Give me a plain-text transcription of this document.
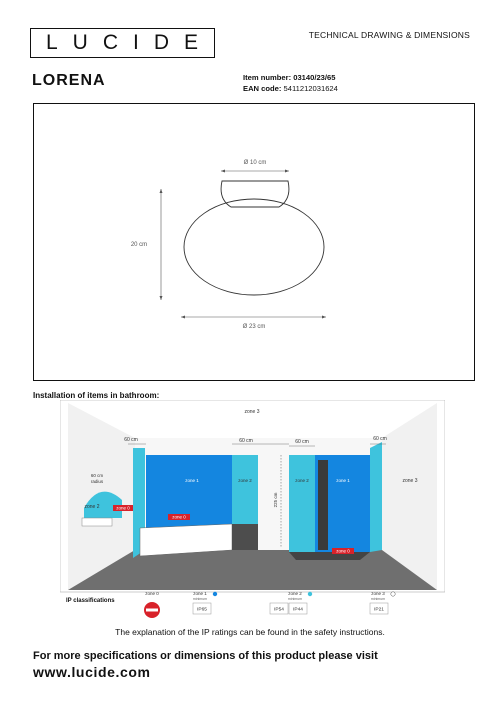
LUCIDE	TECHNICAL DRAWING & DIMENSIONS
LORENA	Item number: 03140/23/65
EAN code: 5411212031624
Ø 10 cm
20 cm
Ø 23 cm
Installation of items in bathroom:
zone 3
zone 3
60 cm	60 cm	60 cm	60 cm
60 cm
radius
zone 2	zone 0
zone 0
zone 1	zone 2
225 cm
zone 2	zone 1
zone 0
IP classifications
zone 0	zone 1
minimum
IP65
zone 2
minimum
IP54 IP44
zone 3
minimum
IP21
The explanation of the IP ratings can be found in the safety instructions.
For more specifications or dimensions of this product please visit
www.lucide.com
